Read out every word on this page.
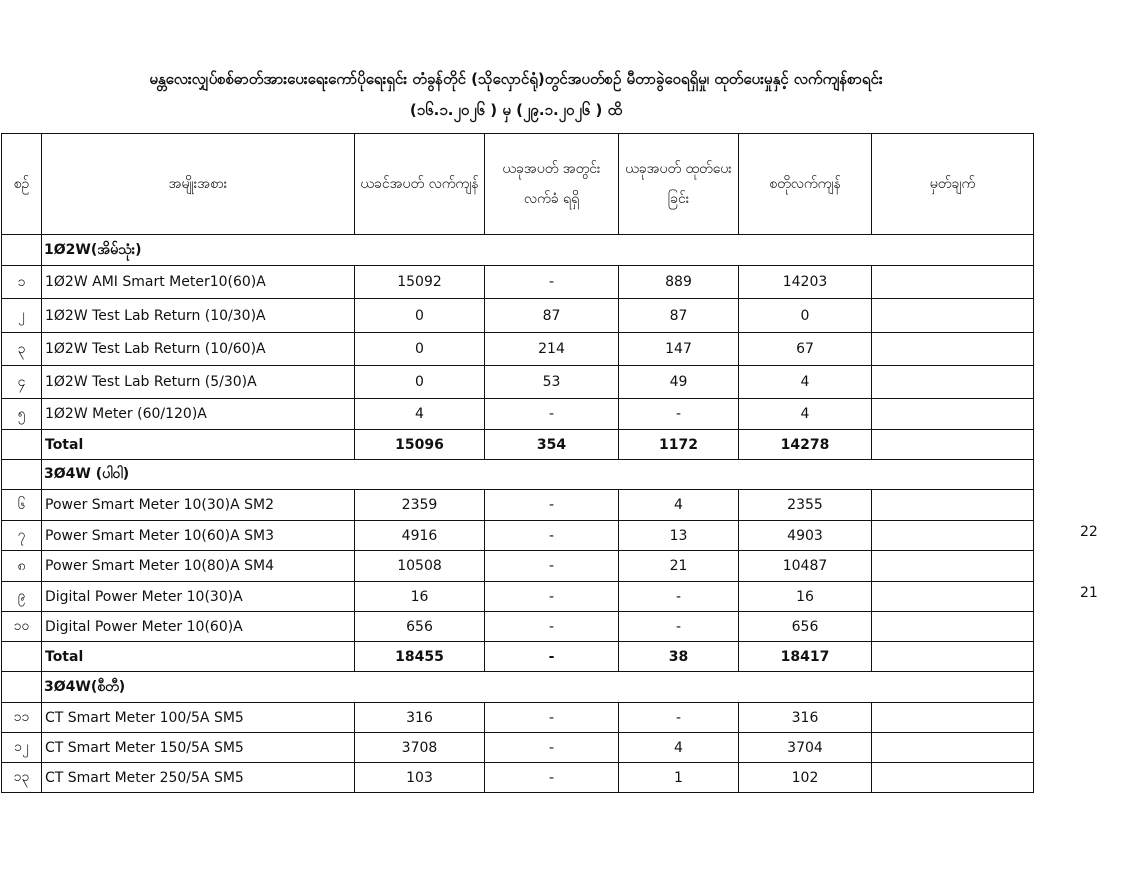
မန္တလေးလျှပ်စစ်ဓာတ်အားပေးရေးကော်ပိုရေးရှင်း တံခွန်တိုင် (သိုလှောင်ရုံ)တွင်အပတ်စဉ် မီတာခွဲဝေရရှိမှု၊ ထုတ်ပေးမှုနှင့် လက်ကျန်စာရင်း
(၁၆.၁.၂၀၂၆ ) မှ (၂၉.၁.၂၀၂၆ ) ထိ
စဉ်	အမျိုးအစား	ယခင်အပတ် လက်ကျန်	ယခုအပတ် အတွင်းလက်ခံ ရရှိ	ယခုအပတ် ထုတ်ပေးခြင်း	စတိုလက်ကျန်	မှတ်ချက်
	1Ø2W(အိမ်သုံး)					
၁	1Ø2W AMI Smart Meter10(60)A	15092	-	889	14203	
၂	1Ø2W Test Lab Return (10/30)A	0	87	87	0	
၃	1Ø2W Test Lab Return (10/60)A	0	214	147	67	
၄	1Ø2W Test Lab Return (5/30)A	0	53	49	4	
၅	1Ø2W Meter (60/120)A	4	-	-	4	
	Total	15096	354	1172	14278	
	3Ø4W (ပါဝါ)					
၆	Power Smart Meter 10(30)A SM2	2359	-	4	2355	
၇	Power Smart Meter 10(60)A SM3	4916	-	13	4903	
၈	Power Smart Meter 10(80)A SM4	10508	-	21	10487	
၉	Digital Power Meter 10(30)A	16	-	-	16	
၁၀	Digital Power Meter 10(60)A	656	-	-	656	
	Total	18455	-	38	18417	
	3Ø4W(စီတီ)					
၁၁	CT Smart Meter 100/5A SM5	316	-	-	316	
၁၂	CT Smart Meter 150/5A SM5	3708	-	4	3704	
၁၃	CT Smart Meter 250/5A SM5	103	-	1	102	
22
21
